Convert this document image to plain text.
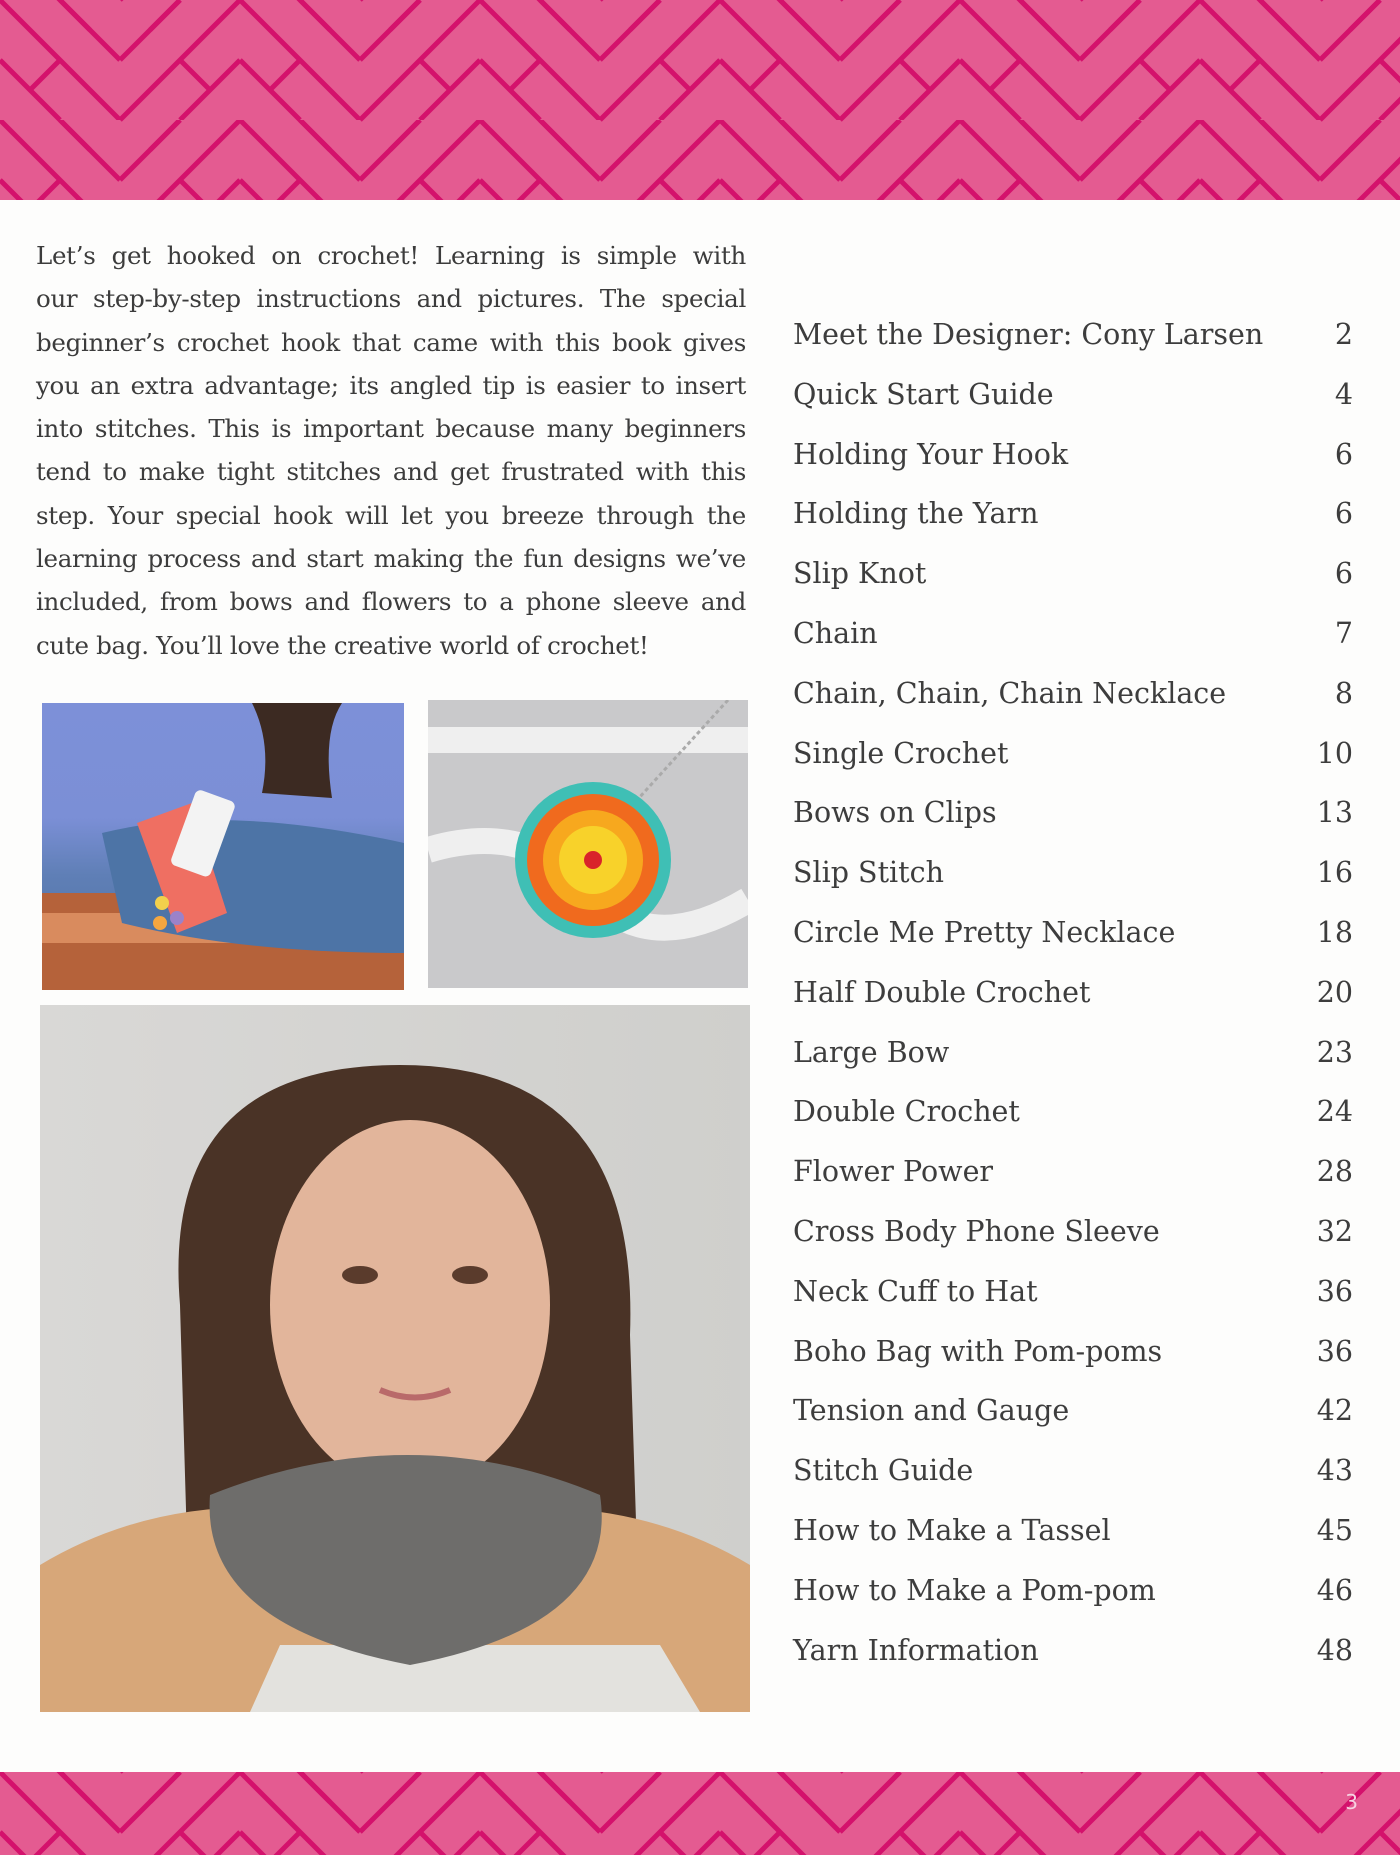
Let’s get hooked on crochet! Learning is simple with
our step-by-step instructions and pictures. The special
beginner’s crochet hook that came with this book gives
you an extra advantage; its angled tip is easier to insert
into stitches. This is important because many beginners
tend to make tight stitches and get frustrated with this
step. Your special hook will let you breeze through the
learning process and start making the fun designs we’ve
included, from bows and flowers to a phone sleeve and
cute bag. You’ll love the creative world of crochet!
Meet the Designer: Cony Larsen	2
Quick Start Guide	4
Holding Your Hook	6
Holding the Yarn	6
Slip Knot	6
Chain	7
Chain, Chain, Chain Necklace	8
Single Crochet	10
Bows on Clips	13
Slip Stitch	16
Circle Me Pretty Necklace	18
Half Double Crochet	20
Large Bow	23
Double Crochet	24
Flower Power	28
Cross Body Phone Sleeve	32
Neck Cuff to Hat	36
Boho Bag with Pom-poms	36
Tension and Gauge	42
Stitch Guide	43
How to Make a Tassel	45
How to Make a Pom-pom	46
Yarn Information	48
3
